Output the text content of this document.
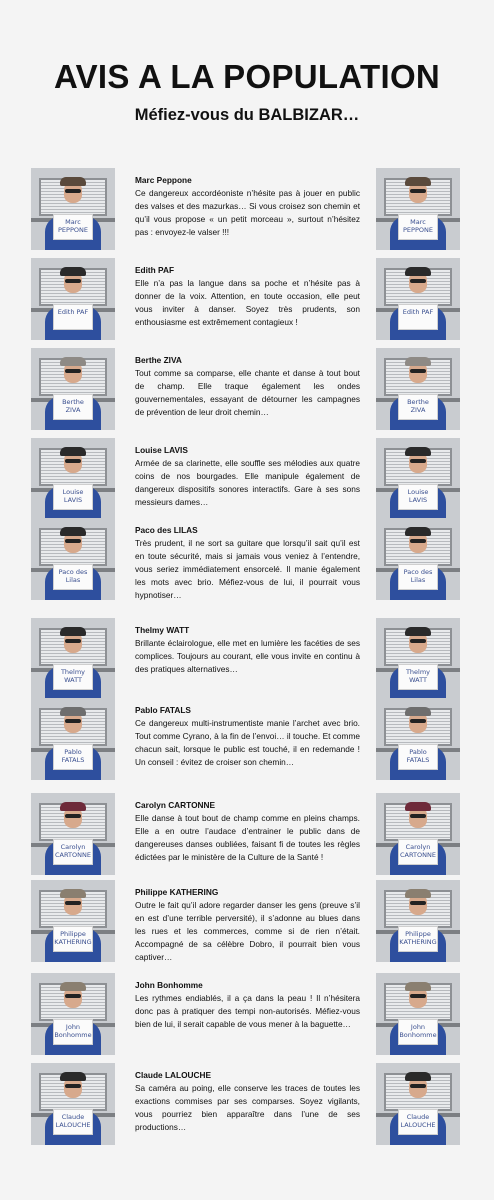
AVIS A LA POPULATION
Méfiez-vous du BALBIZAR…
Marc PEPPONE
Marc Peppone
Ce dangereux accordéoniste n’hésite pas à jouer en public des valses et des mazurkas… Si vous croisez son chemin et qu’il vous propose « un petit morceau », surtout n’hésitez pas : envoyez-le valser !!!
Marc PEPPONE
Edith PAF
Edith PAF
Elle n’a pas la langue dans sa poche et n’hésite pas à donner de la voix. Attention, en toute occasion, elle peut vous inviter à danser. Soyez très prudents, son enthousiasme est extrêmement contagieux !
Edith PAF
Berthe ZIVA
Berthe ZIVA
Tout comme sa comparse, elle chante et danse à tout bout de champ. Elle traque également les ondes gouvernementales, essayant de détourner les campagnes de prévention de leur droit chemin…
Berthe ZIVA
Louise LAVIS
Louise LAVIS
Armée de sa clarinette, elle souffle ses mélodies aux quatre coins de nos bourgades. Elle manipule également de dangereux dispositifs sonores interactifs. Gare à ses sons messieurs dames…
Louise LAVIS
Paco des Lilas
Paco des LILAS
Très prudent, il ne sort sa guitare que lorsqu’il sait qu’il est en toute sécurité, mais si jamais vous veniez à l’entendre, vous seriez immédiatement ensorcelé. Il manie également les mots avec brio. Méfiez-vous de lui, il pourrait vous hypnotiser…
Paco des Lilas
Thelmy WATT
Thelmy WATT
Brillante éclairologue, elle met en lumière les facéties de ses complices. Toujours au courant, elle vous invite en continu à des pratiques alternatives…	Thelmy WATT
Pablo FATALS
Pablo FATALS
Ce dangereux multi-instrumentiste manie l’archet avec brio. Tout comme Cyrano, à la fin de l’envoi… il touche. Et comme chacun sait, lorsque le public est touché, il en redemande ! Un conseil : évitez de croiser son chemin…
Pablo FATALS
Carolyn CARTONNE
Carolyn CARTONNE
Elle danse à tout bout de champ comme en pleins champs. Elle a en outre l’audace d’entrainer le public dans de dangereuses danses oubliées, faisant fi de toutes les règles édictées par le ministère de la Culture de la Santé !
Carolyn CARTONNE
Philippe KATHERING
Philippe KATHERING
Outre le fait qu’il adore regarder danser les gens (preuve s’il en est d’une terrible perversité), il s’adonne au blues dans les rues et les commerces, comme si de rien n’était. Accompagné de sa célèbre Dobro, il pourrait bien vous captiver…
Philippe KATHERING
John Bonhomme
John Bonhomme
Les rythmes endiablés, il a ça dans la peau ! Il n’hésitera donc pas à pratiquer des tempi non-autorisés. Méfiez-vous bien de lui, il serait capable de vous mener à la baguette…	John Bonhomme
Claude LALOUCHE
Claude LALOUCHE
Sa caméra au poing, elle conserve les traces de toutes les exactions commises par ses comparses. Soyez vigilants, vous pourriez bien apparaître dans l’une de ses productions…
Claude LALOUCHE
